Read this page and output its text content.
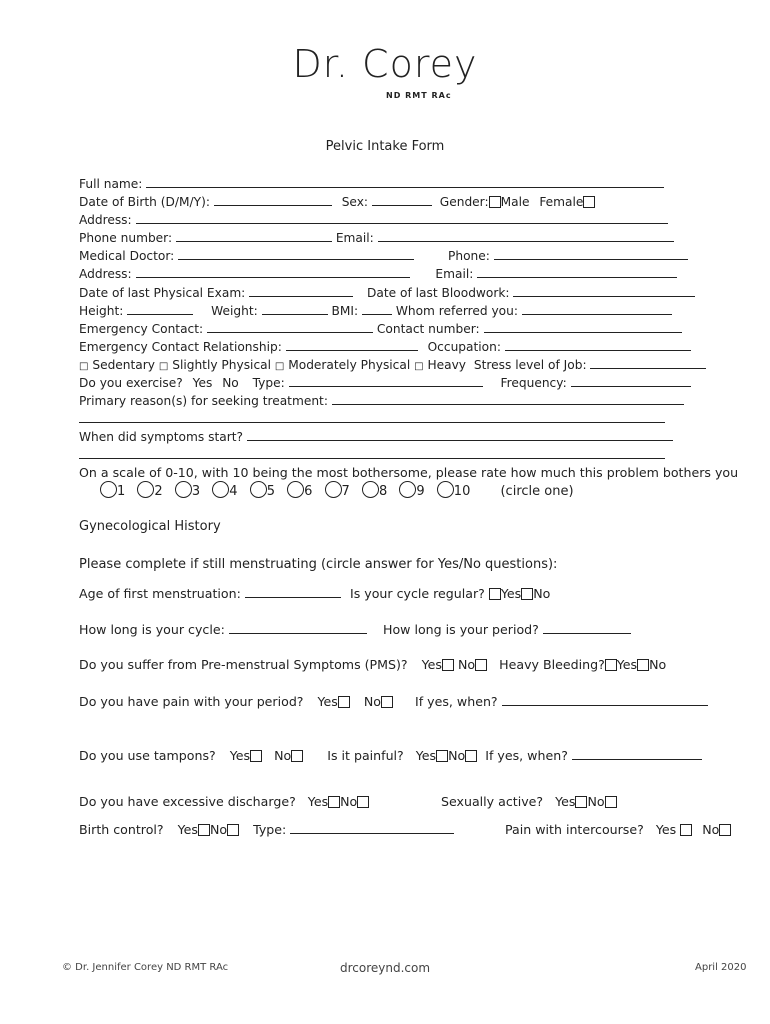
Dr. Corey
ND RMT RAc
Pelvic Intake Form
Full name:
Date of Birth (D/M/Y):	Sex:	Gender: Male Female
Address:
Phone number:	Email:
Medical Doctor:	Phone:
Address:	Email:
Date of last Physical Exam:	Date of last Bloodwork:
Height:	Weight:	BMI:	Whom referred you:
Emergency Contact:	Contact number:
Emergency Contact Relationship:	Occupation:
□ Sedentary □ Slightly Physical □ Moderately Physical □ Heavy Stress level of Job:
Do you exercise? Yes No Type:	Frequency:
Primary reason(s) for seeking treatment:
When did symptoms start?
On a scale of 0-10, with 10 being the most bothersome, please rate how much this problem bothers you
1 2 3 4 5 6 7 8 9 10 (circle one)
Gynecological History
Please complete if still menstruating (circle answer for Yes/No questions):
Age of first menstruation:	Is your cycle regular? Yes No
How long is your cycle:	How long is your period?
Do you suffer from Pre-menstrual Symptoms (PMS)? Yes No Heavy Bleeding? Yes No
Do you have pain with your period? Yes No	If yes, when?
Do you use tampons? Yes No	Is it painful? Yes No If yes, when?
Do you have excessive discharge? Yes No	Sexually active? Yes No
Birth control? Yes No Type:	Pain with intercourse? Yes No
© Dr. Jennifer Corey ND RMT RAc	drcoreynd.com	April 2020
